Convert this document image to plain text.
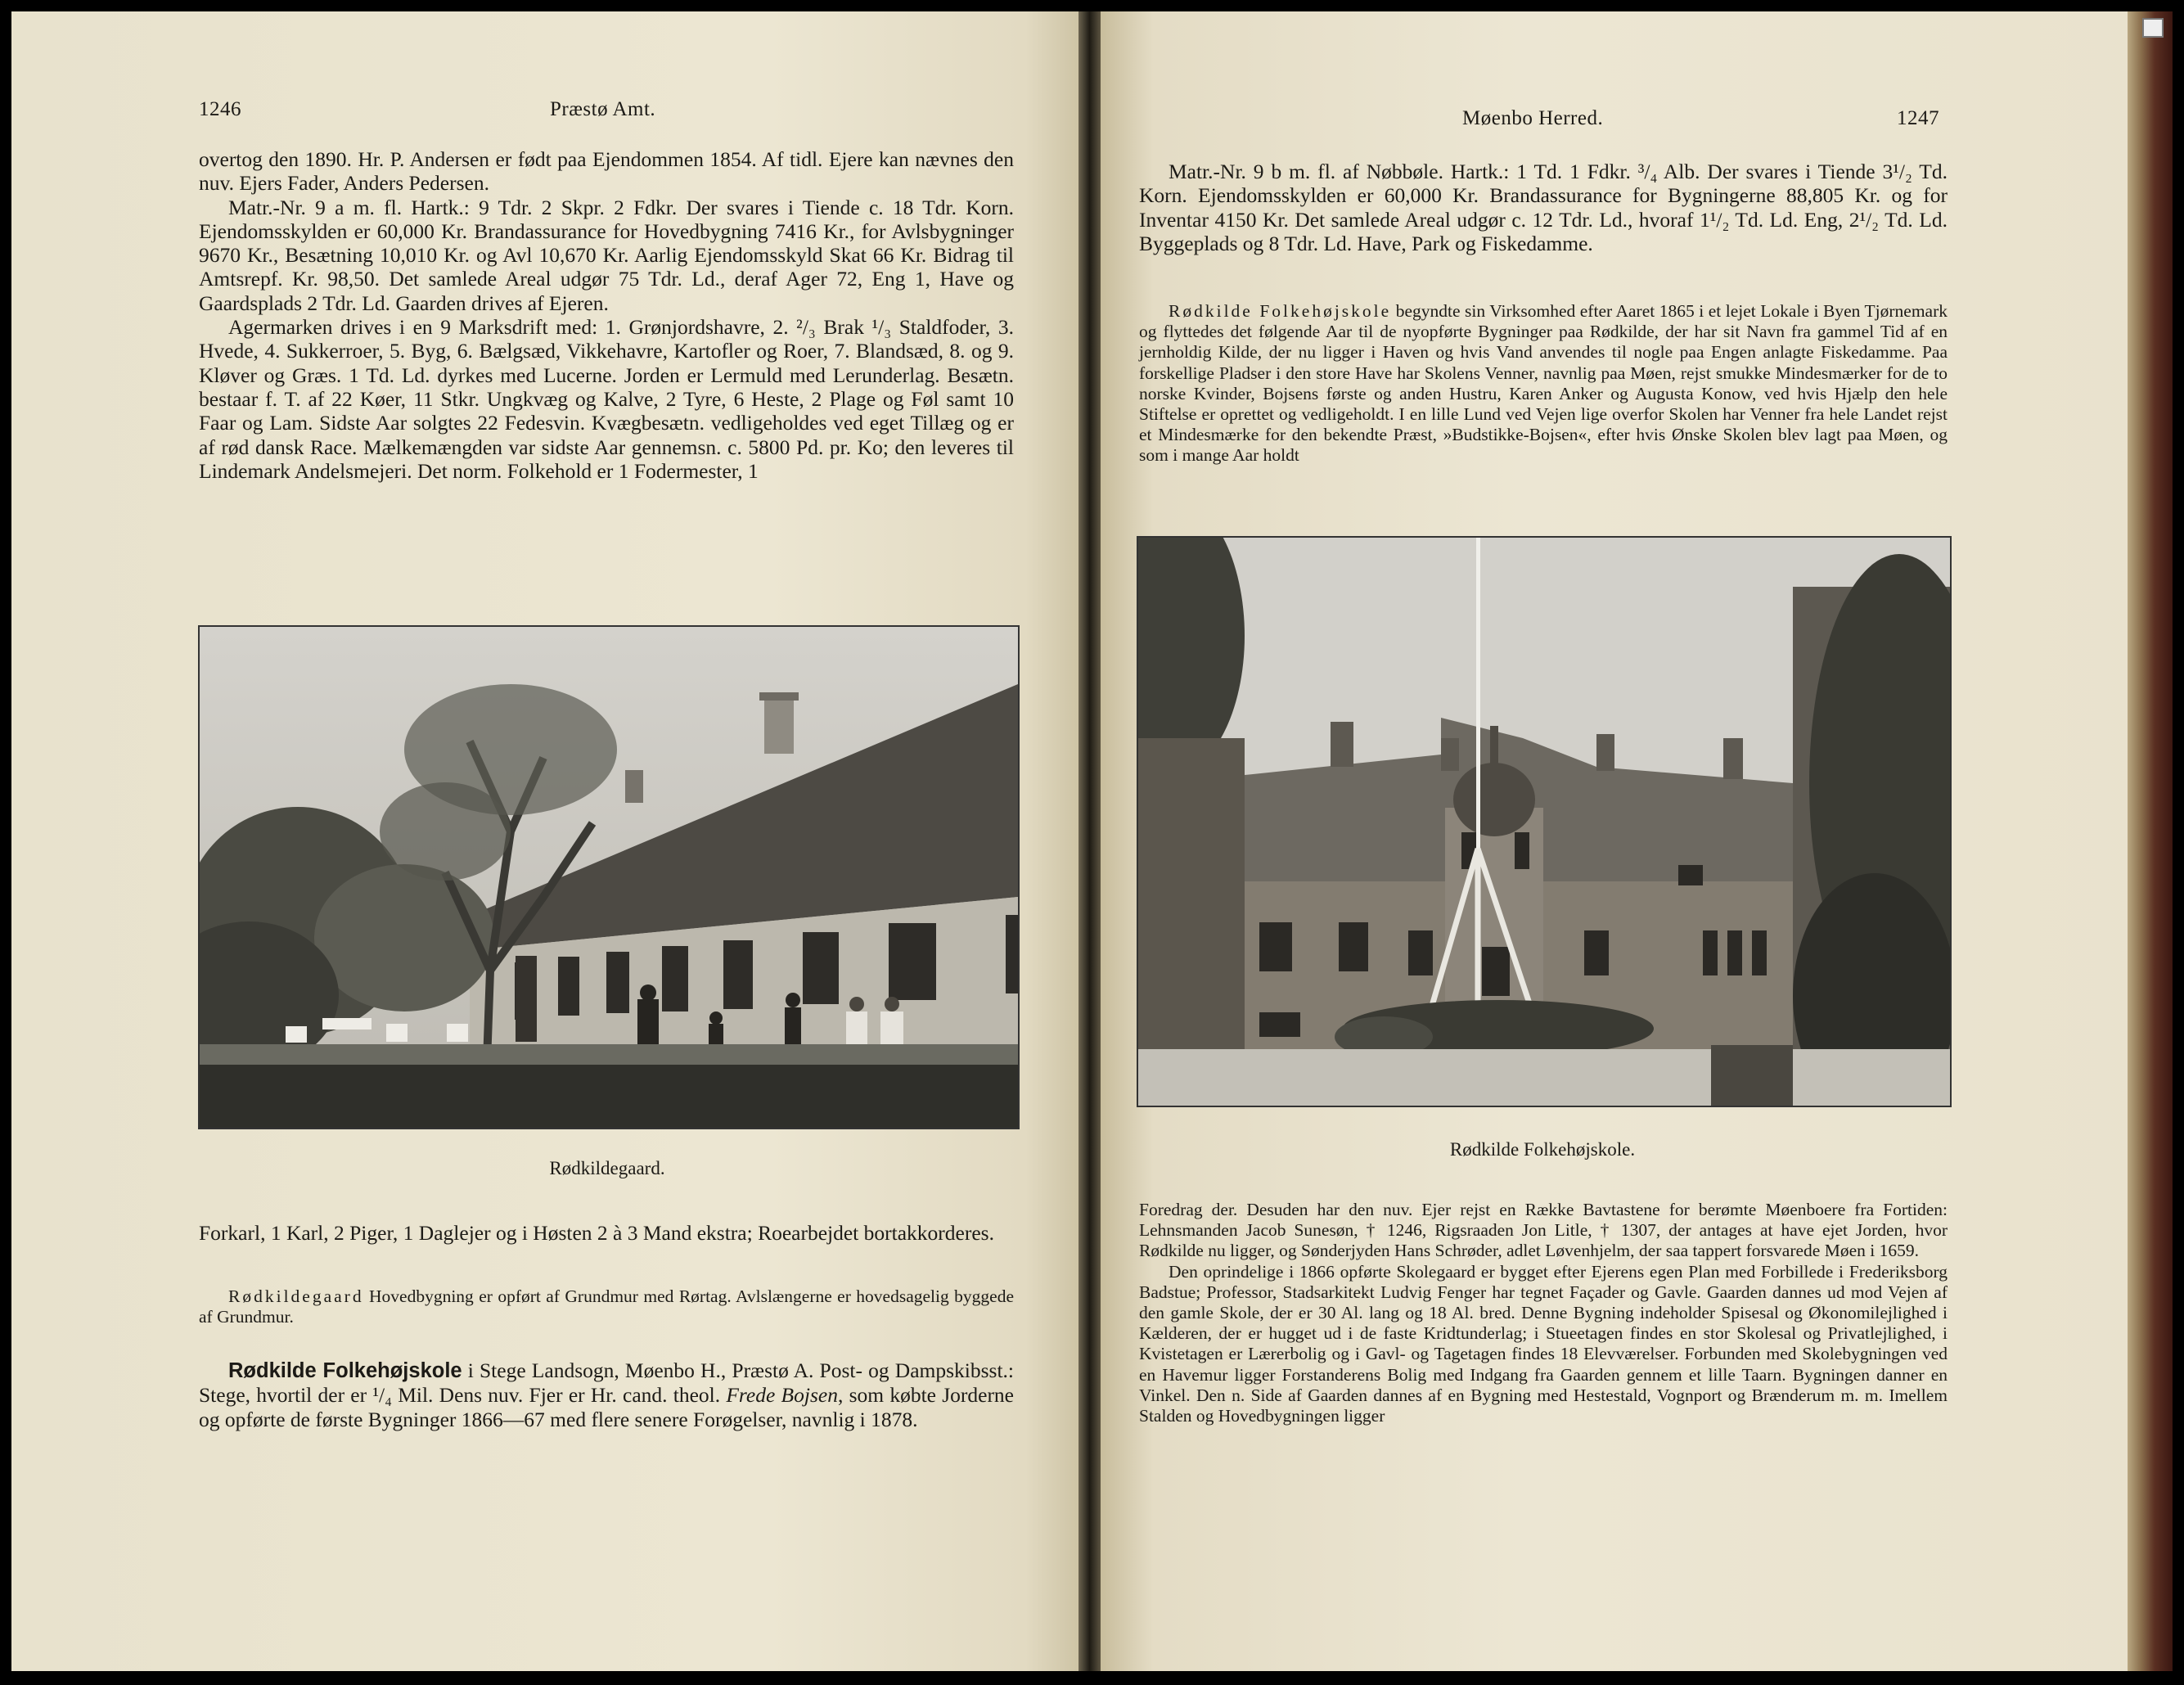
1246	Præstø Amt.

overtog den 1890. Hr. P. Andersen er født paa Ejendommen 1854. Af tidl. Ejere kan nævnes den nuv. Ejers Fader, Anders Pedersen.

Matr.-Nr. 9 a m. fl. Hartk.: 9 Tdr. 2 Skpr. 2 Fdkr. Der svares i Tiende c. 18 Tdr. Korn. Ejendomsskylden er 60,000 Kr. Brandassurance for Hovedbygning 7416 Kr., for Avlsbygninger 9670 Kr., Besætning 10,010 Kr. og Avl 10,670 Kr. Aarlig Ejendomsskyld Skat 66 Kr. Bidrag til Amtsrepf. Kr. 98,50. Det samlede Areal udgør 75 Tdr. Ld., deraf Ager 72, Eng 1, Have og Gaardsplads 2 Tdr. Ld. Gaarden drives af Ejeren.

Agermarken drives i en 9 Marksdrift med: 1. Grønjordshavre, 2. ²/₃ Brak ¹/₃ Staldfoder, 3. Hvede, 4. Sukkerroer, 5. Byg, 6. Bælgsæd, Vikkehavre, Kartofler og Roer, 7. Blandsæd, 8. og 9. Kløver og Græs. 1 Td. Ld. dyrkes med Lucerne. Jorden er Lermuld med Lerunderlag. Besætn. bestaar f. T. af 22 Køer, 11 Stkr. Ungkvæg og Kalve, 2 Tyre, 6 Heste, 2 Plage og Føl samt 10 Faar og Lam. Sidste Aar solgtes 22 Fedesvin. Kvægbesætn. vedligeholdes ved eget Tillæg og er af rød dansk Race. Mælkemængden var sidste Aar gennemsn. c. 5800 Pd. pr. Ko; den leveres til Lindemark Andelsmejeri. Det norm. Folkehold er 1 Fodermester, 1

Rødkildegaard.

Forkarl, 1 Karl, 2 Piger, 1 Daglejer og i Høsten 2 à 3 Mand ekstra; Roearbejdet bortakkorderes.

Rødkildegaard Hovedbygning er opført af Grundmur med Rørtag. Avlslængerne er hovedsagelig byggede af Grundmur.

Rødkilde Folkehøjskole i Stege Landsogn, Møenbo H., Præstø A. Post- og Dampskibsst.: Stege, hvortil der er ¹/₄ Mil. Dens nuv. Fjer er Hr. cand. theol. Frede Bojsen, som købte Jorderne og opførte de første Bygninger 1866—67 med flere senere Forøgelser, navnlig i 1878.

Møenbo Herred.	1247

Matr.-Nr. 9 b m. fl. af Nøbbøle. Hartk.: 1 Td. 1 Fdkr. ³/₄ Alb. Der svares i Tiende 3¹/₂ Td. Korn. Ejendomsskylden er 60,000 Kr. Brandassurance for Bygningerne 88,805 Kr. og for Inventar 4150 Kr. Det samlede Areal udgør c. 12 Tdr. Ld., hvoraf 1¹/₂ Td. Ld. Eng, 2¹/₂ Td. Ld. Byggeplads og 8 Tdr. Ld. Have, Park og Fiskedamme.

Rødkilde Folkehøjskole begyndte sin Virksomhed efter Aaret 1865 i et lejet Lokale i Byen Tjørnemark og flyttedes det følgende Aar til de nyopførte Bygninger paa Rødkilde, der har sit Navn fra gammel Tid af en jernholdig Kilde, der nu ligger i Haven og hvis Vand anvendes til nogle paa Engen anlagte Fiskedamme. Paa forskellige Pladser i den store Have har Skolens Venner, navnlig paa Møen, rejst smukke Mindesmærker for de to norske Kvinder, Bojsens første og anden Hustru, Karen Anker og Augusta Konow, ved hvis Hjælp den hele Stiftelse er oprettet og vedligeholdt. I en lille Lund ved Vejen lige overfor Skolen har Venner fra hele Landet rejst et Mindesmærke for den bekendte Præst, »Budstikke-Bojsen«, efter hvis Ønske Skolen blev lagt paa Møen, og som i mange Aar holdt

Rødkilde Folkehøjskole.

Foredrag der. Desuden har den nuv. Ejer rejst en Række Bavtastene for berømte Møenboere fra Fortiden: Lehnsmanden Jacob Sunesøn, † 1246, Rigsraaden Jon Litle, † 1307, der antages at have ejet Jorden, hvor Rødkilde nu ligger, og Sønderjyden Hans Schrøder, adlet Løvenhjelm, der saa tappert forsvarede Møen i 1659.

Den oprindelige i 1866 opførte Skolegaard er bygget efter Ejerens egen Plan med Forbillede i Frederiksborg Badstue; Professor, Stadsarkitekt Ludvig Fenger har tegnet Façader og Gavle. Gaarden dannes ud mod Vejen af den gamle Skole, der er 30 Al. lang og 18 Al. bred. Denne Bygning indeholder Spisesal og Økonomilejlighed i Kælderen, der er hugget ud i de faste Kridtunderlag; i Stueetagen findes en stor Skolesal og Privatlejlighed, i Kvistetagen er Lærerbolig og i Gavl- og Tagetagen findes 18 Elevværelser. Forbunden med Skolebygningen ved en Havemur ligger Forstanderens Bolig med Indgang fra Gaarden gennem et lille Taarn. Bygningen danner en Vinkel. Den n. Side af Gaarden dannes af en Bygning med Hestestald, Vognport og Brænderum m. m. Imellem Stalden og Hovedbygningen ligger
